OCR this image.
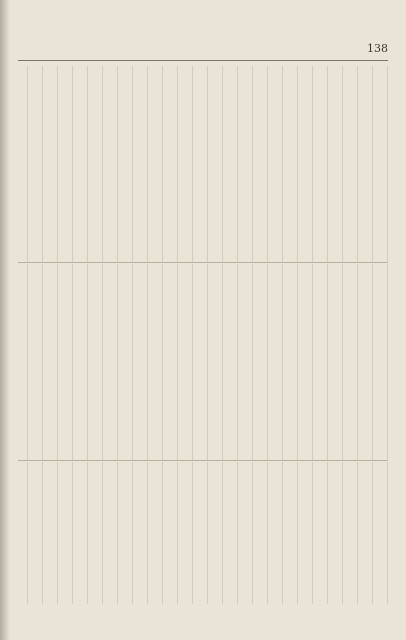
138
